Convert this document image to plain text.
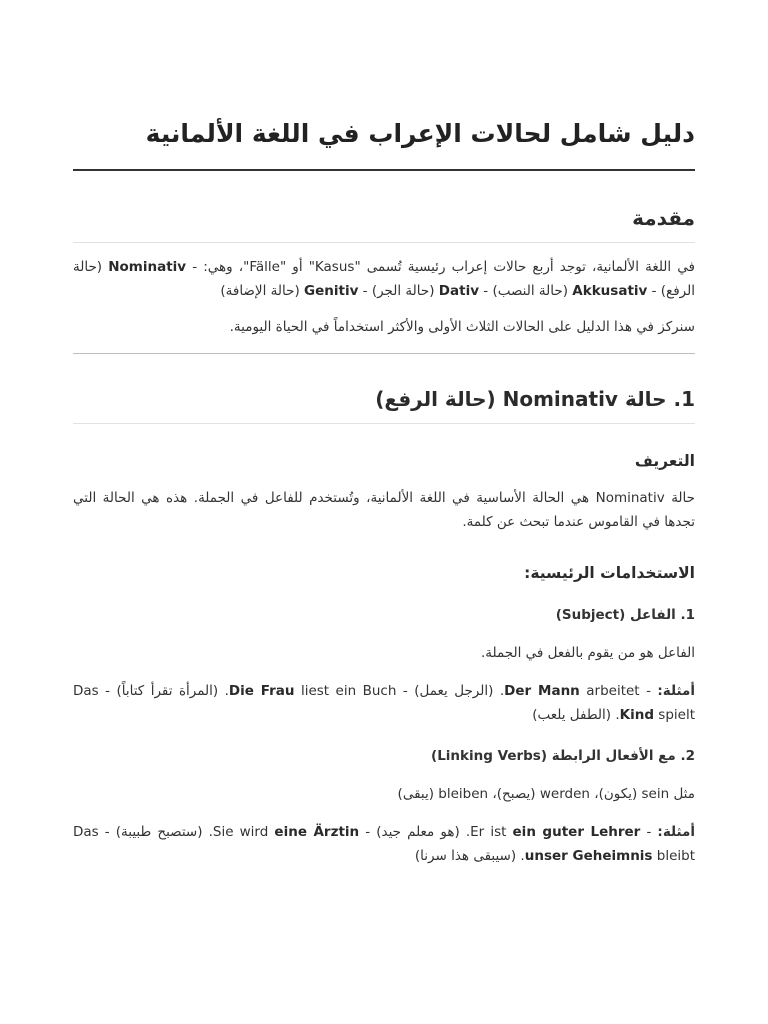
دليل شامل لحالات الإعراب في اللغة الألمانية
مقدمة

في اللغة الألمانية، توجد أربع حالات إعراب رئيسية تُسمى "Kasus" أو "Fälle"، وهي: - Nominativ (حالة الرفع) - Akkusativ (حالة النصب) - Dativ (حالة الجر) - Genitiv (حالة الإضافة)

سنركز في هذا الدليل على الحالات الثلاث الأولى والأكثر استخداماً في الحياة اليومية.

1. حالة Nominativ (حالة الرفع)
التعريف

حالة Nominativ هي الحالة الأساسية في اللغة الألمانية، وتُستخدم للفاعل في الجملة. هذه هي الحالة التي تجدها في القاموس عندما تبحث عن كلمة.

الاستخدامات الرئيسية:
1. الفاعل (Subject)

الفاعل هو من يقوم بالفعل في الجملة.

أمثلة: - Der Mann arbeitet. (الرجل يعمل) - Die Frau liest ein Buch. (المرأة تقرأ كتاباً) - Das Kind spielt. (الطفل يلعب)

2. مع الأفعال الرابطة (Linking Verbs)

مثل sein (يكون)، werden (يصبح)، bleiben (يبقى)

أمثلة: - Er ist ein guter Lehrer. (هو معلم جيد) - Sie wird eine Ärztin. (ستصبح طبيبة) - Das unser Geheimnis bleibt. (سيبقى هذا سرنا)
